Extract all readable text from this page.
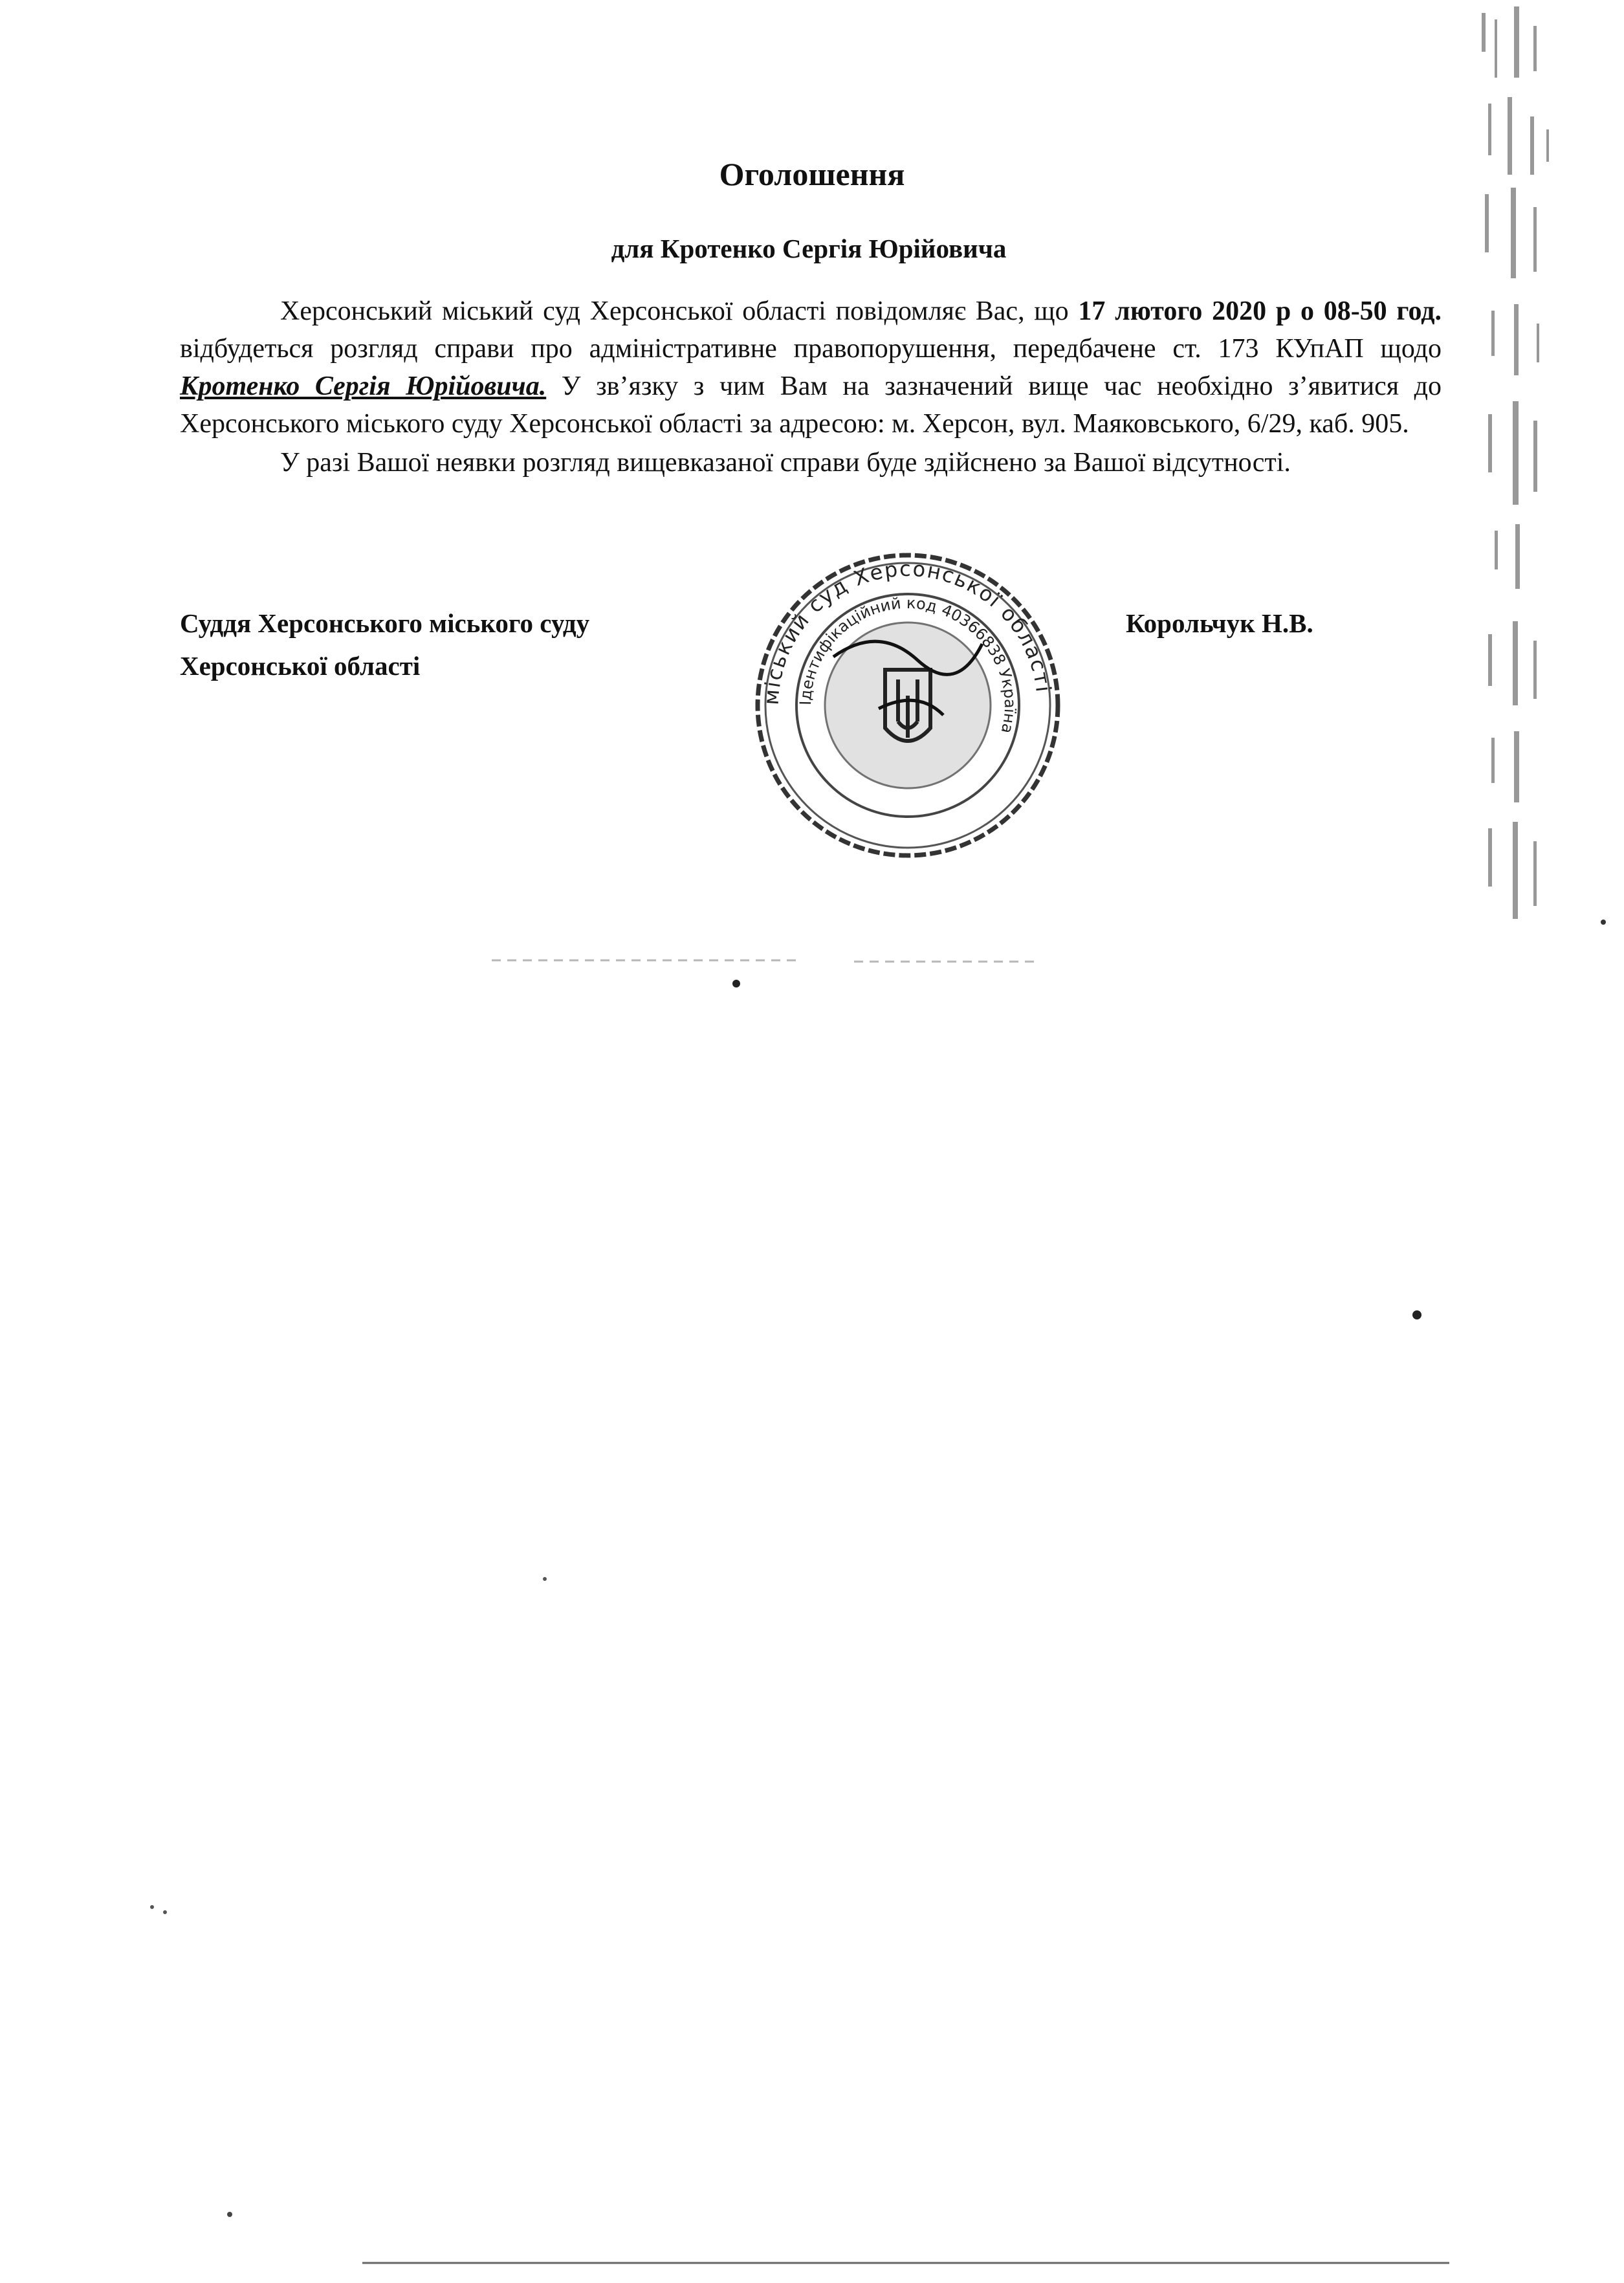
Оголошення
для Кротенко Сергія Юрійовича

Херсонський міський суд Херсонської області повідомляє Вас, що 17 лютого 2020 р о 08-50 год. відбудеться розгляд справи про адміністративне правопорушення, передбачене ст. 173 КУпАП щодо Кротенко Сергія Юрійовича. У зв’язку з чим Вам на зазначений вище час необхідно з’явитися до Херсонського міського суду Херсонської області за адресою: м. Херсон, вул. Маяковського, 6/29, каб. 905.

У разі Вашої неявки розгляд вищевказаної справи буде здійснено за Вашої відсутності.

Суддя Херсонського міського суду
Херсонської області
Корольчук Н.В.
міський суд Херсонської області
Ідентифікаційний код 40366838 Україна
